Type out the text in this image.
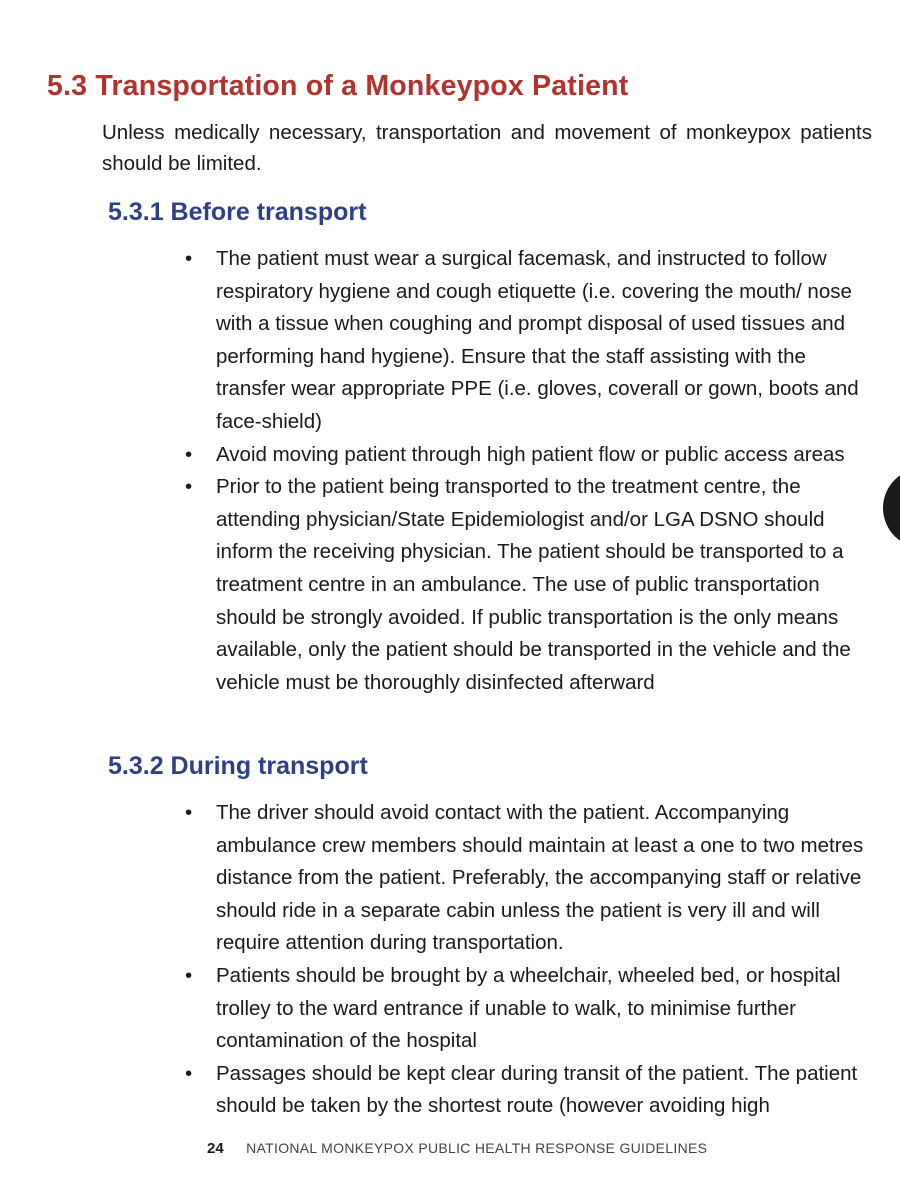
5.3 Transportation of a Monkeypox Patient

Unless medically necessary, transportation and movement of monkeypox patients should be limited.

5.3.1 Before transport
• The patient must wear a surgical facemask, and instructed to follow respiratory hygiene and cough etiquette (i.e. covering the mouth/ nose with a tissue when coughing and prompt disposal of used tissues and performing hand hygiene). Ensure that the staff assisting with the transfer wear appropriate PPE (i.e. gloves, coverall or gown, boots and face-shield)
• Avoid moving patient through high patient flow or public access areas
• Prior to the patient being transported to the treatment centre, the attending physician/State Epidemiologist and/or LGA DSNO should inform the receiving physician. The patient should be transported to a treatment centre in an ambulance. The use of public transportation should be strongly avoided. If public transportation is the only means available, only the patient should be transported in the vehicle and the vehicle must be thoroughly disinfected afterward
5.3.2 During transport
• The driver should avoid contact with the patient. Accompanying ambulance crew members should maintain at least a one to two metres distance from the patient. Preferably, the accompanying staff or relative should ride in a separate cabin unless the patient is very ill and will require attention during transportation.
• Patients should be brought by a wheelchair, wheeled bed, or hospital trolley to the ward entrance if unable to walk, to minimise further contamination of the hospital
• Passages should be kept clear during transit of the patient. The patient should be taken by the shortest route (however avoiding high
24 NATIONAL MONKEYPOX PUBLIC HEALTH RESPONSE GUIDELINES
